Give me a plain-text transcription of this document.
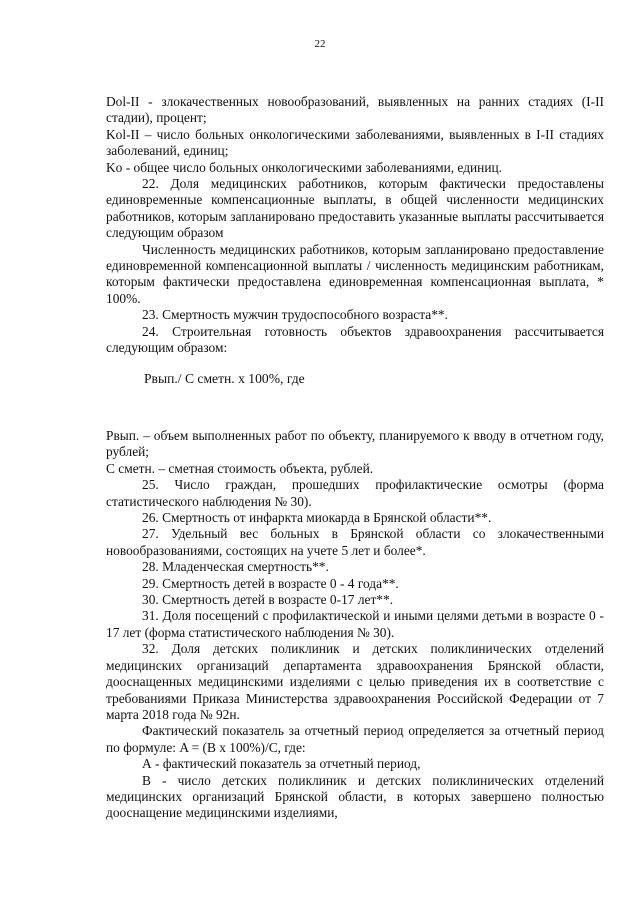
22

Dol-II - злокачественных новообразований, выявленных на ранних стадиях (I-II стадии), процент;

Kol-II – число больных онкологическими заболеваниями, выявленных в I-II стадиях заболеваний, единиц;

Ko - общее число больных онкологическими заболеваниями, единиц.

22. Доля медицинских работников, которым фактически предоставлены единовременные компенсационные выплаты, в общей численности медицинских работников, которым запланировано предоставить указанные выплаты рассчитывается следующим образом

Численность медицинских работников, которым запланировано предоставление единовременной компенсационной выплаты / численность медицинским работникам, которым фактически предоставлена единовременная компенсационная выплата, * 100%.

23. Смертность мужчин трудоспособного возраста**.

24. Строительная готовность объектов здравоохранения рассчитывается следующим образом:

Рвып./ С сметн. х 100%, где

Рвып. – объем выполненных работ по объекту, планируемого к вводу в отчетном году, рублей;

С сметн. – сметная стоимость объекта, рублей.

25. Число граждан, прошедших профилактические осмотры (форма статистического наблюдения № 30).

26. Смертность от инфаркта миокарда в Брянской области**.

27. Удельный вес больных в Брянской области со злокачественными новообразованиями, состоящих на учете 5 лет и более*.

28. Младенческая смертность**.

29. Смертность детей в возрасте 0 - 4 года**.

30. Смертность детей в возрасте 0-17 лет**.

31. Доля посещений с профилактической и иными целями детьми в возрасте 0 - 17 лет (форма статистического наблюдения № 30).

32. Доля детских поликлиник и детских поликлинических отделений медицинских организаций департамента здравоохранения Брянской области, дооснащенных медицинскими изделиями с целью приведения их в соответствие с требованиями Приказа Министерства здравоохранения Российской Федерации от 7 марта 2018 года № 92н.

Фактический показатель за отчетный период определяется за отчетный период по формуле: A = (B x 100%)/C, где:

А - фактический показатель за отчетный период,

В - число детских поликлиник и детских поликлинических отделений медицинских организаций Брянской области, в которых завершено полностью дооснащение медицинскими изделиями,
